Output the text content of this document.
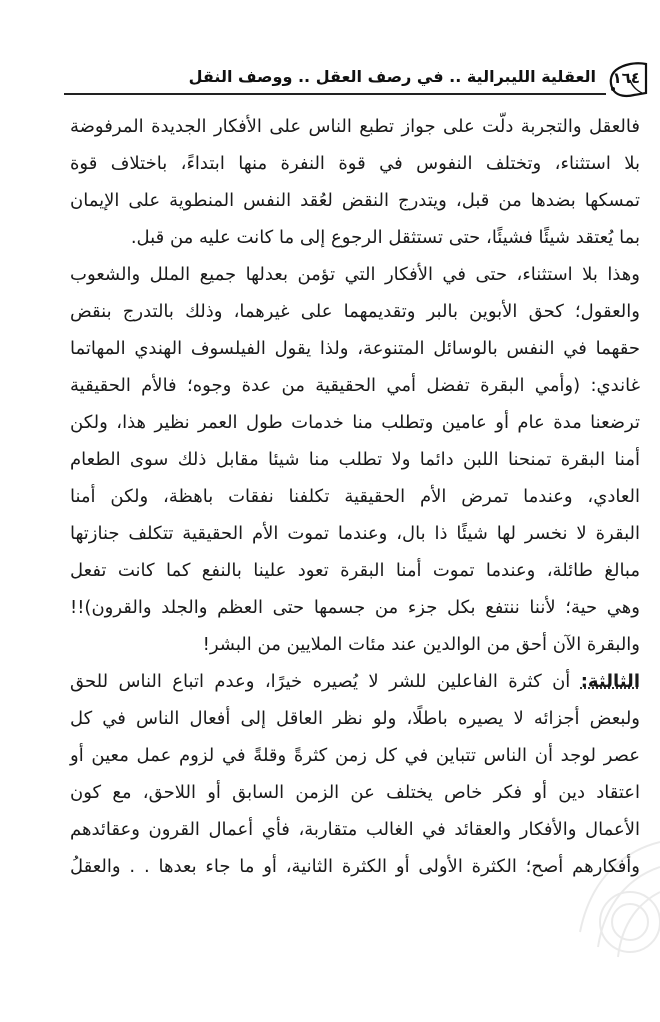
١٦٤
العقلية الليبرالية .. في رصف العقل .. ووصف النقل
فالعقل والتجربة دلّت على جواز تطبع الناس على الأفكار الجديدة المرفوضة
بلا استثناء، وتختلف النفوس في قوة النفرة منها ابتداءً، باختلاف قوة
تمسكها بضدها من قبل، ويتدرج النقض لعُقد النفس المنطوية على الإيمان
بما يُعتقد شيئًا فشيئًا، حتى تستثقل الرجوع إلى ما كانت عليه من قبل.
وهذا بلا استثناء، حتى في الأفكار التي تؤمن بعدلها جميع الملل والشعوب
والعقول؛ كحق الأبوين بالبر وتقديمهما على غيرهما، وذلك بالتدرج بنقض
حقهما في النفس بالوسائل المتنوعة، ولذا يقول الفيلسوف الهندي المهاتما
غاندي: (وأمي البقرة تفضل أمي الحقيقية من عدة وجوه؛ فالأم الحقيقية
ترضعنا مدة عام أو عامين وتطلب منا خدمات طول العمر نظير هذا، ولكن
أمنا البقرة تمنحنا اللبن دائما ولا تطلب منا شيئا مقابل ذلك سوى الطعام
العادي، وعندما تمرض الأم الحقيقية تكلفنا نفقات باهظة، ولكن أمنا
البقرة لا نخسر لها شيئًا ذا بال، وعندما تموت الأم الحقيقية تتكلف جنازتها
مبالغ طائلة، وعندما تموت أمنا البقرة تعود علينا بالنفع كما كانت تفعل
وهي حية؛ لأننا ننتفع بكل جزء من جسمها حتى العظم والجلد والقرون)!!
والبقرة الآن أحق من الوالدين عند مئات الملايين من البشر!
الثالثة: أن كثرة الفاعلين للشر لا يُصيره خيرًا، وعدم اتباع الناس للحق
ولبعض أجزائه لا يصيره باطلًا، ولو نظر العاقل إلى أفعال الناس في كل
عصر لوجد أن الناس تتباين في كل زمن كثرةً وقلةً في لزوم عمل معين أو
اعتقاد دين أو فكر خاص يختلف عن الزمن السابق أو اللاحق، مع كون
الأعمال والأفكار والعقائد في الغالب متقاربة، فأي أعمال القرون وعقائدهم
وأفكارهم أصح؛ الكثرة الأولى أو الكثرة الثانية، أو ما جاء بعدها . . والعقلُ
